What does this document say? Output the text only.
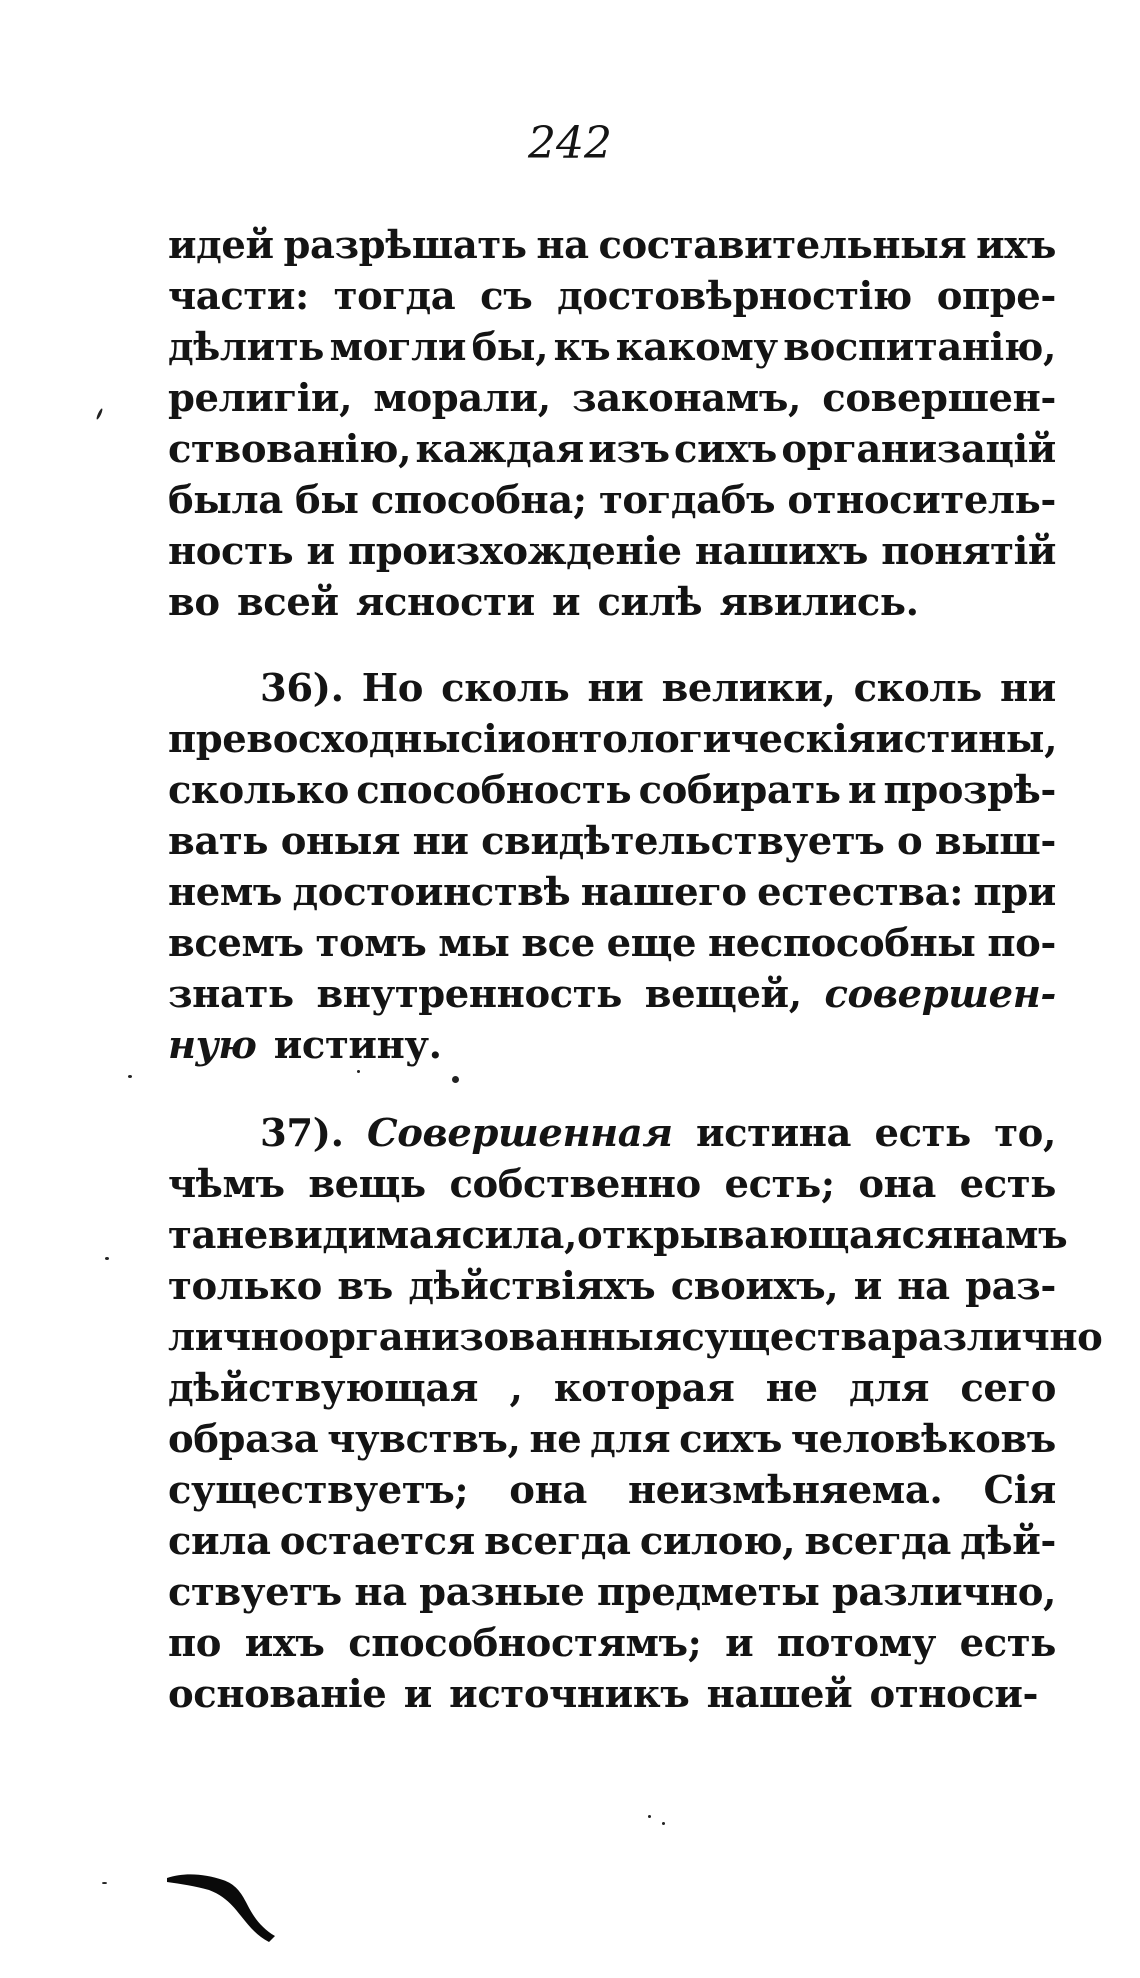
242
идей разрѣшать на составительныя ихъ
части: тогда съ достовѣрностію опре-
дѣлить могли бы, къ какому воспитанію,
религіи, морали, законамъ, совершен-
ствованію, каждая изъ сихъ организацій
была бы способна; тогдабъ относитель-
ность и произхожденіе нашихъ понятій
во всей ясности и силѣ явились.
36). Но сколь ни велики, сколь ни
превосходны сіи онтологическія истины,
сколько способность собирать и прозрѣ-
вать оныя ни свидѣтельствуетъ о выш-
немъ достоинствѣ нашего естества: при
всемъ томъ мы все еще неспособны по-
знать внутренность вещей, совершен-
ную истину.
37). Совершенная истина есть то,
чѣмъ вещь собственно есть; она есть
та невидимая сила, открывающаяся намъ
только въ дѣйствіяхъ своихъ, и на раз-
лично организованныя существа различно
дѣйствующая , которая не для сего
образа чувствъ, не для сихъ человѣковъ
существуетъ; она неизмѣняема. Сія
сила остается всегда силою, всегда дѣй-
ствуетъ на разные предметы различно,
по ихъ способностямъ; и потому есть
основаніе и источникъ нашей относи-
